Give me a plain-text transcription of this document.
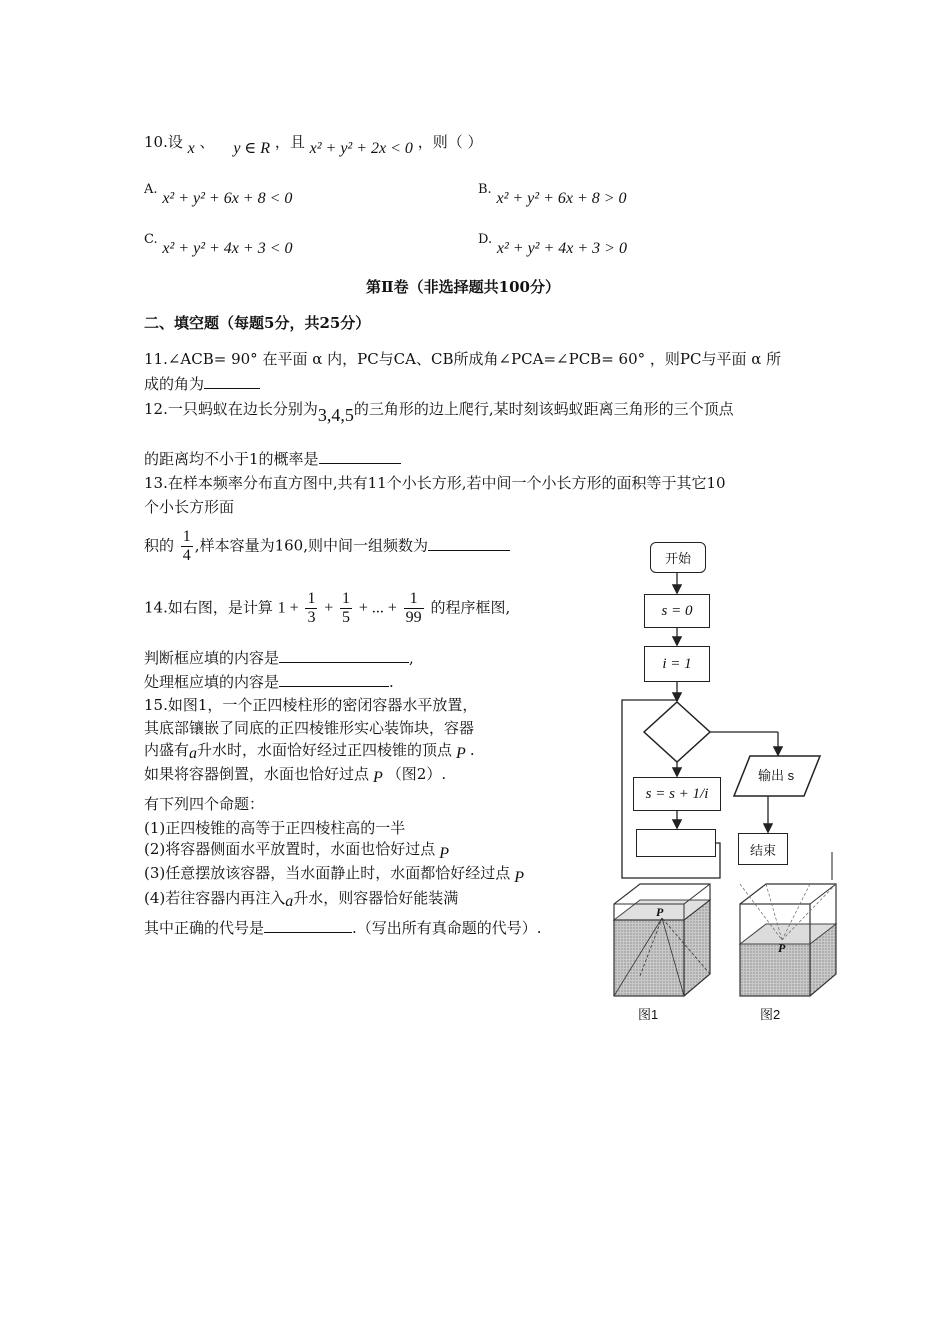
10.设 x 、 y ∈ R ，且 x² + y² + 2x < 0 ，则（ ）
A. x² + y² + 6x + 8 < 0
B. x² + y² + 6x + 8 > 0
C. x² + y² + 4x + 3 < 0
D. x² + y² + 4x + 3 > 0
第Ⅱ卷（非选择题共100分）
二、填空题（每题5分，共25分）
11.∠ACB= 90° 在平面 α 内，PC与CA、CB所成角∠PCA=∠PCB= 60° ，则PC与平面 α 所
成的角为
12.一只蚂蚁在边长分别为3,4,5的三角形的边上爬行,某时刻该蚂蚁距离三角形的三个顶点
的距离均不小于1的概率是
13.在样本频率分布直方图中,共有11个小长方形,若中间一个小长方形的面积等于其它10
个小长方形面
积的 $\frac{1}{4}$ ,样本容量为160,则中间一组频数为
14.如右图，是计算 $1 + \frac{1}{3} + \frac{1}{5}$ + ... + $\frac{1}{99}$ 的程序框图,
判断框应填的内容是	,
处理框应填的内容是	.
15.如图1，一个正四棱柱形的密闭容器水平放置，
其底部镶嵌了同底的正四棱锥形实心装饰块，容器
内盛有a升水时，水面恰好经过正四棱锥的顶点 P .
如果将容器倒置，水面也恰好过点 P （图2）.
有下列四个命题：
(1)正四棱锥的高等于正四棱柱高的一半
(2)将容器侧面水平放置时，水面也恰好过点 P
(3)任意摆放该容器，当水面静止时，水面都恰好经过点 P
(4)若往容器内再注入a升水，则容器恰好能装满
其中正确的代号是	.（写出所有真命题的代号）.
开始
s = 0
i = 1
s = s + 1/i
输出 s
结束
P
图1
P
图2
